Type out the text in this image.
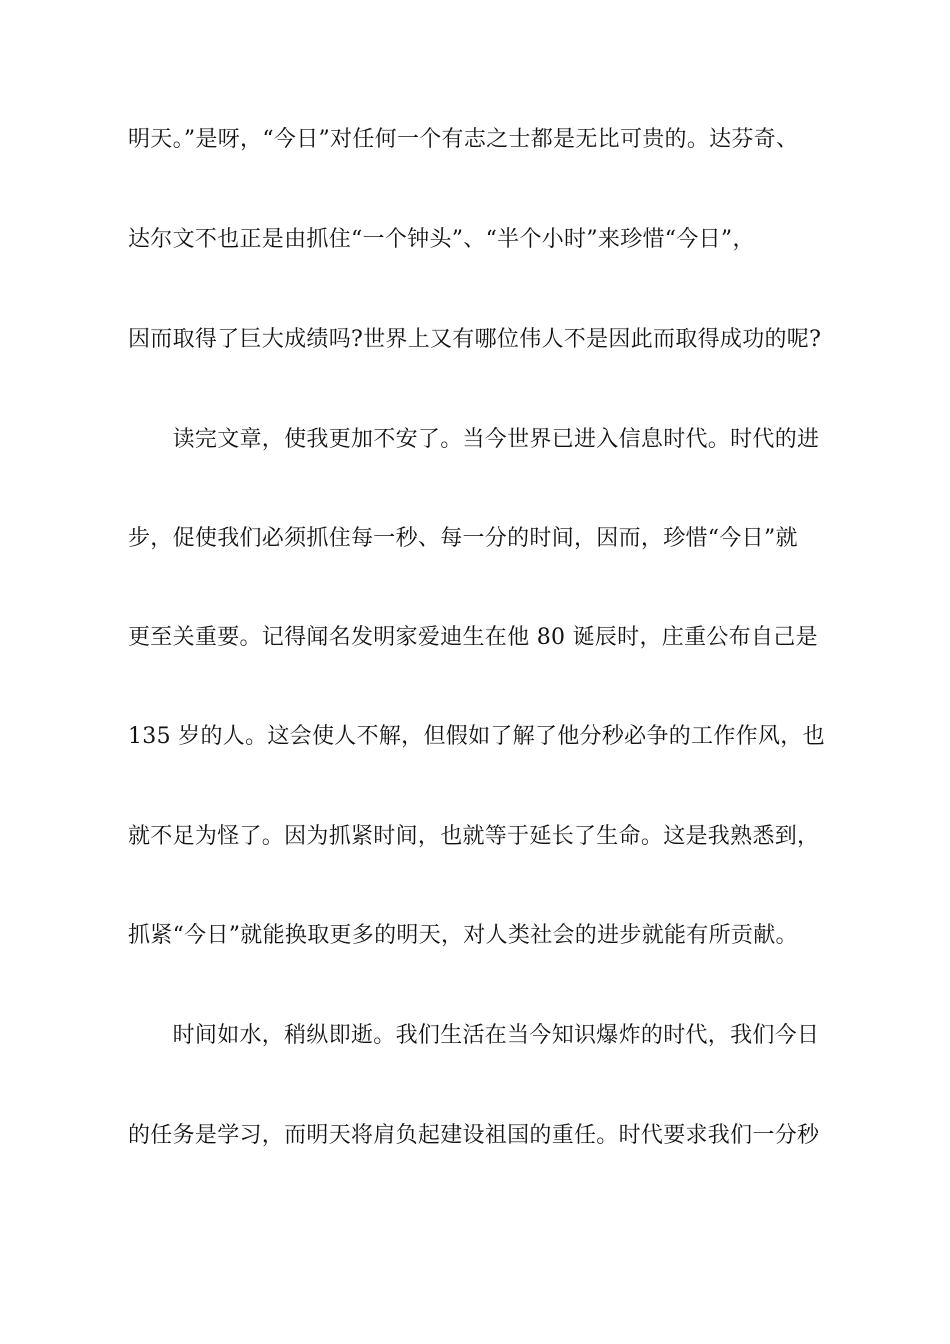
明天。”是呀，“今日”对任何一个有志之士都是无比可贵的。达芬奇、
达尔文不也正是由抓住“一个钟头”、“半个小时”来珍惜“今日”，
因而取得了巨大成绩吗?世界上又有哪位伟人不是因此而取得成功的呢?
　　读完文章，使我更加不安了。当今世界已进入信息时代。时代的进
步，促使我们必须抓住每一秒、每一分的时间，因而，珍惜“今日”就
更至关重要。记得闻名发明家爱迪生在他 80 诞辰时，庄重公布自己是
135 岁的人。这会使人不解，但假如了解了他分秒必争的工作作风，也
就不足为怪了。因为抓紧时间，也就等于延长了生命。这是我熟悉到，
抓紧“今日”就能换取更多的明天，对人类社会的进步就能有所贡献。
　　时间如水，稍纵即逝。我们生活在当今知识爆炸的时代，我们今日
的任务是学习，而明天将肩负起建设祖国的重任。时代要求我们一分秒
